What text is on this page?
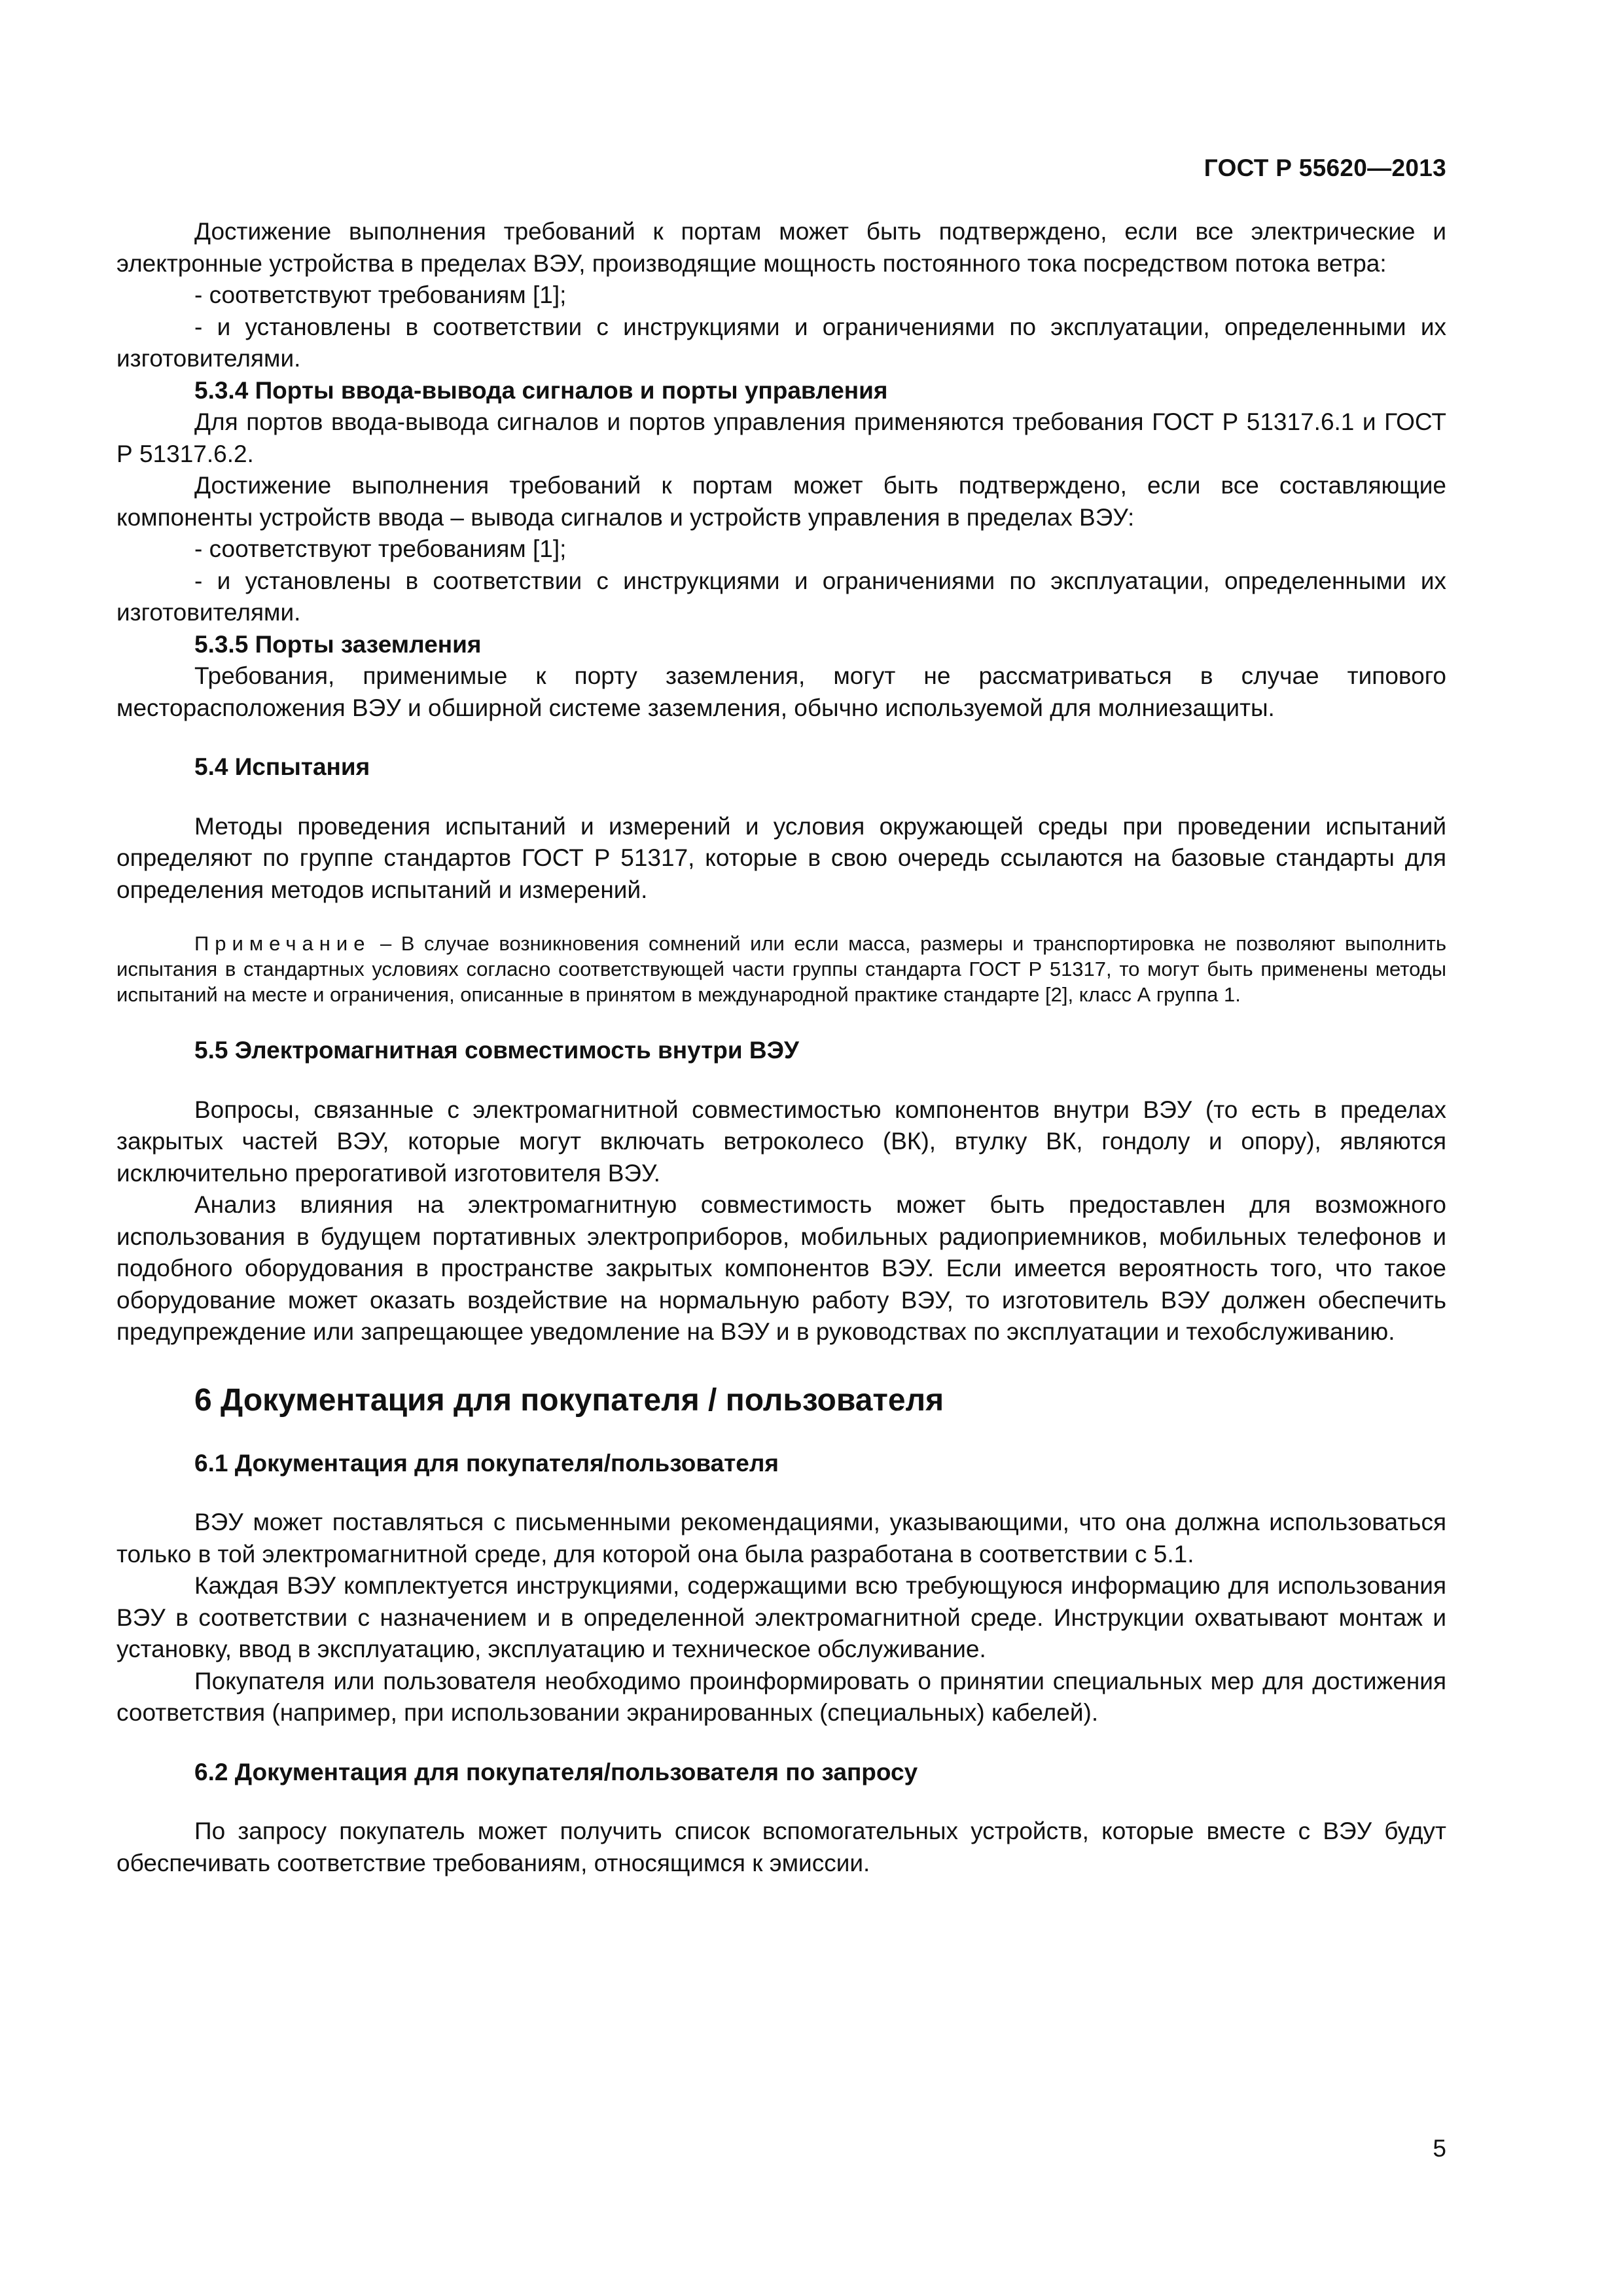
ГОСТ Р 55620—2013

Достижение выполнения требований к портам может быть подтверждено, если все электрические и электронные устройства в пределах ВЭУ, производящие мощность постоянного тока посредством потока ветра:

- соответствуют требованиям [1];

- и установлены в соответствии с инструкциями и ограничениями по эксплуатации, определенными их изготовителями.

5.3.4 Порты ввода-вывода сигналов и порты управления

Для портов ввода-вывода сигналов и портов управления применяются требования ГОСТ Р 51317.6.1 и ГОСТ Р 51317.6.2.

Достижение выполнения требований к портам может быть подтверждено, если все составляющие компоненты устройств ввода – вывода сигналов и устройств управления в пределах ВЭУ:

- соответствуют требованиям [1];

- и установлены в соответствии с инструкциями и ограничениями по эксплуатации, определенными их изготовителями.

5.3.5 Порты заземления

Требования, применимые к порту заземления, могут не рассматриваться в случае типового месторасположения ВЭУ и обширной системе заземления, обычно используемой для молниезащиты.

5.4 Испытания

Методы проведения испытаний и измерений и условия окружающей среды при проведении испытаний определяют по группе стандартов ГОСТ Р 51317, которые в свою очередь ссылаются на базовые стандарты для определения методов испытаний и измерений.

Примечание – В случае возникновения сомнений или если масса, размеры и транспортировка не позволяют выполнить испытания в стандартных условиях согласно соответствующей части группы стандарта ГОСТ Р 51317, то могут быть применены методы испытаний на месте и ограничения, описанные в принятом в международной практике стандарте [2], класс А группа 1.

5.5 Электромагнитная совместимость внутри ВЭУ

Вопросы, связанные с электромагнитной совместимостью компонентов внутри ВЭУ (то есть в пределах закрытых частей ВЭУ, которые могут включать ветроколесо (ВК), втулку ВК, гондолу и опору), являются исключительно прерогативой изготовителя ВЭУ.

Анализ влияния на электромагнитную совместимость может быть предоставлен для возможного использования в будущем портативных электроприборов, мобильных радиоприемников, мобильных телефонов и подобного оборудования в пространстве закрытых компонентов ВЭУ. Если имеется вероятность того, что такое оборудование может оказать воздействие на нормальную работу ВЭУ, то изготовитель ВЭУ должен обеспечить предупреждение или запрещающее уведомление на ВЭУ и в руководствах по эксплуатации и техобслуживанию.

6 Документация для покупателя / пользователя

6.1 Документация для покупателя/пользователя

ВЭУ может поставляться с письменными рекомендациями, указывающими, что она должна использоваться только в той электромагнитной среде, для которой она была разработана в соответствии с 5.1.

Каждая ВЭУ комплектуется инструкциями, содержащими всю требующуюся информацию для использования ВЭУ в соответствии с назначением и в определенной электромагнитной среде. Инструкции охватывают монтаж и установку, ввод в эксплуатацию, эксплуатацию и техническое обслуживание.

Покупателя или пользователя необходимо проинформировать о принятии специальных мер для достижения соответствия (например, при использовании экранированных (специальных) кабелей).

6.2 Документация для покупателя/пользователя по запросу

По запросу покупатель может получить список вспомогательных устройств, которые вместе с ВЭУ будут обеспечивать соответствие требованиям, относящимся к эмиссии.

5
